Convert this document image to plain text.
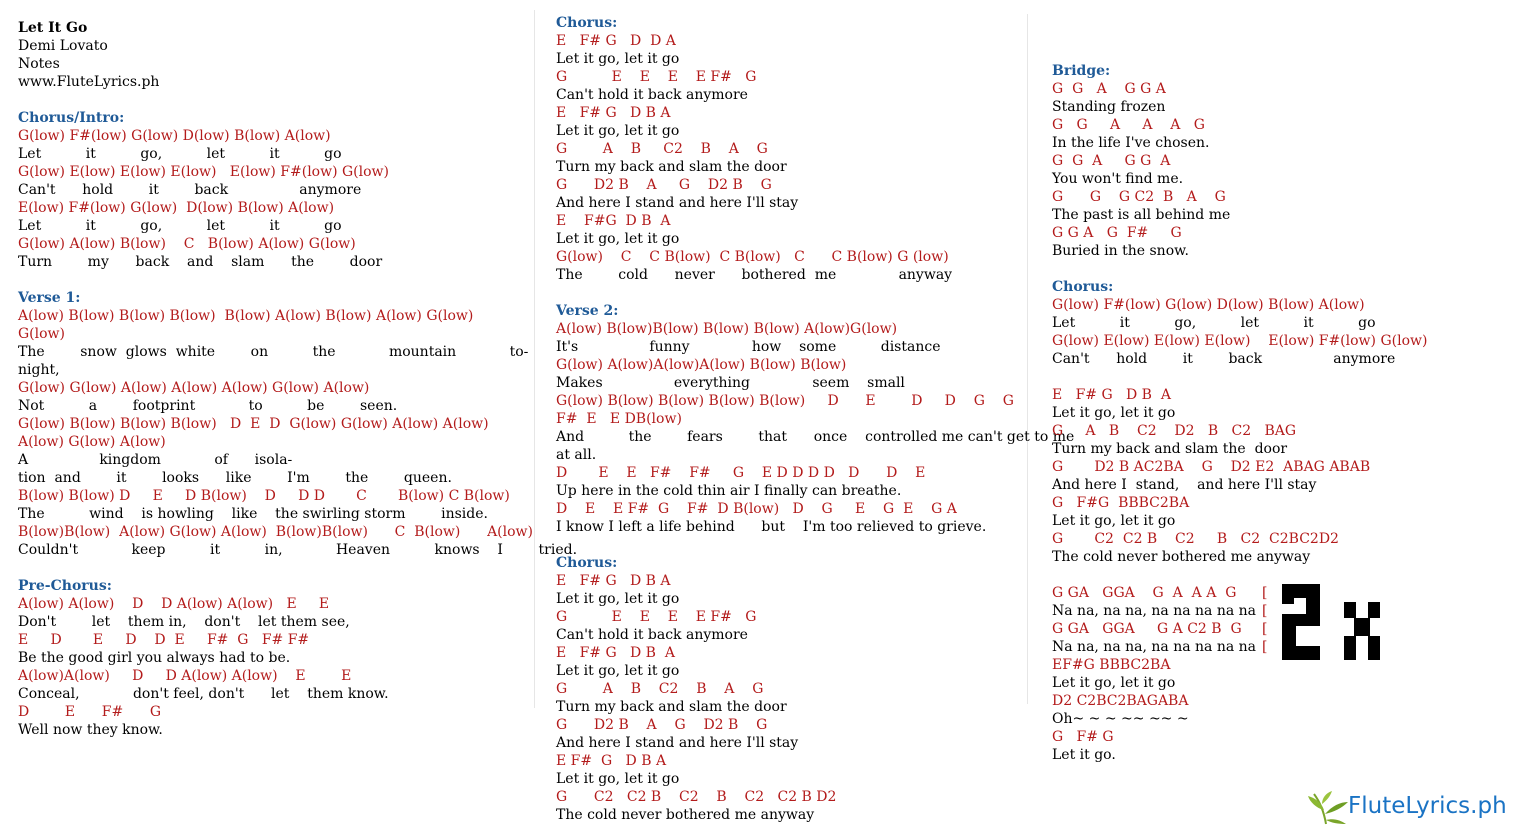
Let It Go
Demi Lovato
Notes
www.FluteLyrics.ph
Chorus/Intro:
G(low) F#(low) G(low) D(low) B(low) A(low)
Let          it          go,          let          it          go
G(low) E(low) E(low) E(low)   E(low) F#(low) G(low)
Can't      hold        it        back                anymore
E(low) F#(low) G(low)  D(low) B(low) A(low)
Let          it          go,          let          it          go
G(low) A(low) B(low)    C   B(low) A(low) G(low)
Turn        my      back    and    slam      the        door
Verse 1:
A(low) B(low) B(low) B(low)  B(low) A(low) B(low) A(low) G(low)
G(low)
The        snow  glows  white        on          the            mountain            to-
night,
G(low) G(low) A(low) A(low) A(low) G(low) A(low)
Not          a        footprint            to          be        seen.
G(low) B(low) B(low) B(low)   D  E  D  G(low) G(low) A(low) A(low)
A(low) G(low) A(low)
A                kingdom            of      isola-
tion  and        it        looks      like        I'm        the        queen.
B(low) B(low) D     E     D B(low)    D     D D       C       B(low) C B(low)
The          wind    is howling    like    the swirling storm        inside.
B(low)B(low)  A(low) G(low) A(low)  B(low)B(low)      C  B(low)      A(low)
Couldn't            keep          it          in,            Heaven          knows    I        tried.
Pre-Chorus:
A(low) A(low)    D    D A(low) A(low)   E     E
Don't        let    them in,    don't    let them see,
E     D       E     D    D  E     F#  G   F# F#
Be the good girl you always had to be.
A(low)A(low)     D     D A(low) A(low)    E        E
Conceal,            don't feel, don't      let    them know.
D        E      F#      G
Well now they know.
Chorus:
E   F# G   D  D A
Let it go, let it go
G          E    E    E    E F#   G
Can't hold it back anymore
E   F# G   D B A
Let it go, let it go
G        A    B     C2    B    A    G
Turn my back and slam the door
G      D2 B    A     G    D2 B    G
And here I stand and here I'll stay
E    F#G  D B  A
Let it go, let it go
G(low)    C    C B(low)  C B(low)   C      C B(low) G (low)
The        cold      never      bothered  me              anyway
Verse 2:
A(low) B(low)B(low) B(low) B(low) A(low)G(low)
It's                funny              how    some          distance
G(low) A(low)A(low)A(low) B(low) B(low)
Makes                everything              seem    small
G(low) B(low) B(low) B(low) B(low)     D      E        D     D    G    G
F#  E   E DB(low)
And          the        fears        that      once    controlled me can't get to me
at all.
D       E    E   F#    F#     G    E D D D D   D      D    E
Up here in the cold thin air I finally can breathe.
D    E    E F#  G    F#  D B(low)   D    G     E    G  E    G A
I know I left a life behind      but    I'm too relieved to grieve.
Chorus:
E   F# G   D B A
Let it go, let it go
G          E    E    E    E F#   G
Can't hold it back anymore
E   F# G   D B  A
Let it go, let it go
G        A    B    C2    B    A    G
Turn my back and slam the door
G      D2 B    A    G    D2 B    G
And here I stand and here I'll stay
E F#  G   D B A
Let it go, let it go
G      C2   C2 B    C2    B    C2   C2 B D2
The cold never bothered me anyway
Bridge:
G  G   A    G G A
Standing frozen
G   G     A     A    A   G
In the life I've chosen.
G  G  A     G G  A
You won't find me.
G      G    G C2  B   A    G
The past is all behind me
G G A   G  F#     G
Buried in the snow.
Chorus:
G(low) F#(low) G(low) D(low) B(low) A(low)
Let          it          go,          let          it          go
G(low) E(low) E(low) E(low)    E(low) F#(low) G(low)
Can't      hold        it        back                anymore
E   F# G   D B  A
Let it go, let it go
G     A   B    C2    D2   B   C2   BAG
Turn my back and slam the  door
G       D2 B AC2BA    G    D2 E2  ABAG ABAB
And here I  stand,    and here I'll stay
G   F#G  BBBC2BA
Let it go, let it go
G       C2  C2 B    C2     B   C2  C2BC2D2
The cold never bothered me anyway
G GA   GGA    G  A  A A  G [
Na na, na na, na na na na na [
G GA   GGA     G A C2 B  G [
Na na, na na, na na na na na [
EF#G BBBC2BA
Let it go, let it go
D2 C2BC2BAGABA
Oh~ ~ ~ ~~ ~~ ~
G   F# G
Let it go.
FluteLyrics.ph
